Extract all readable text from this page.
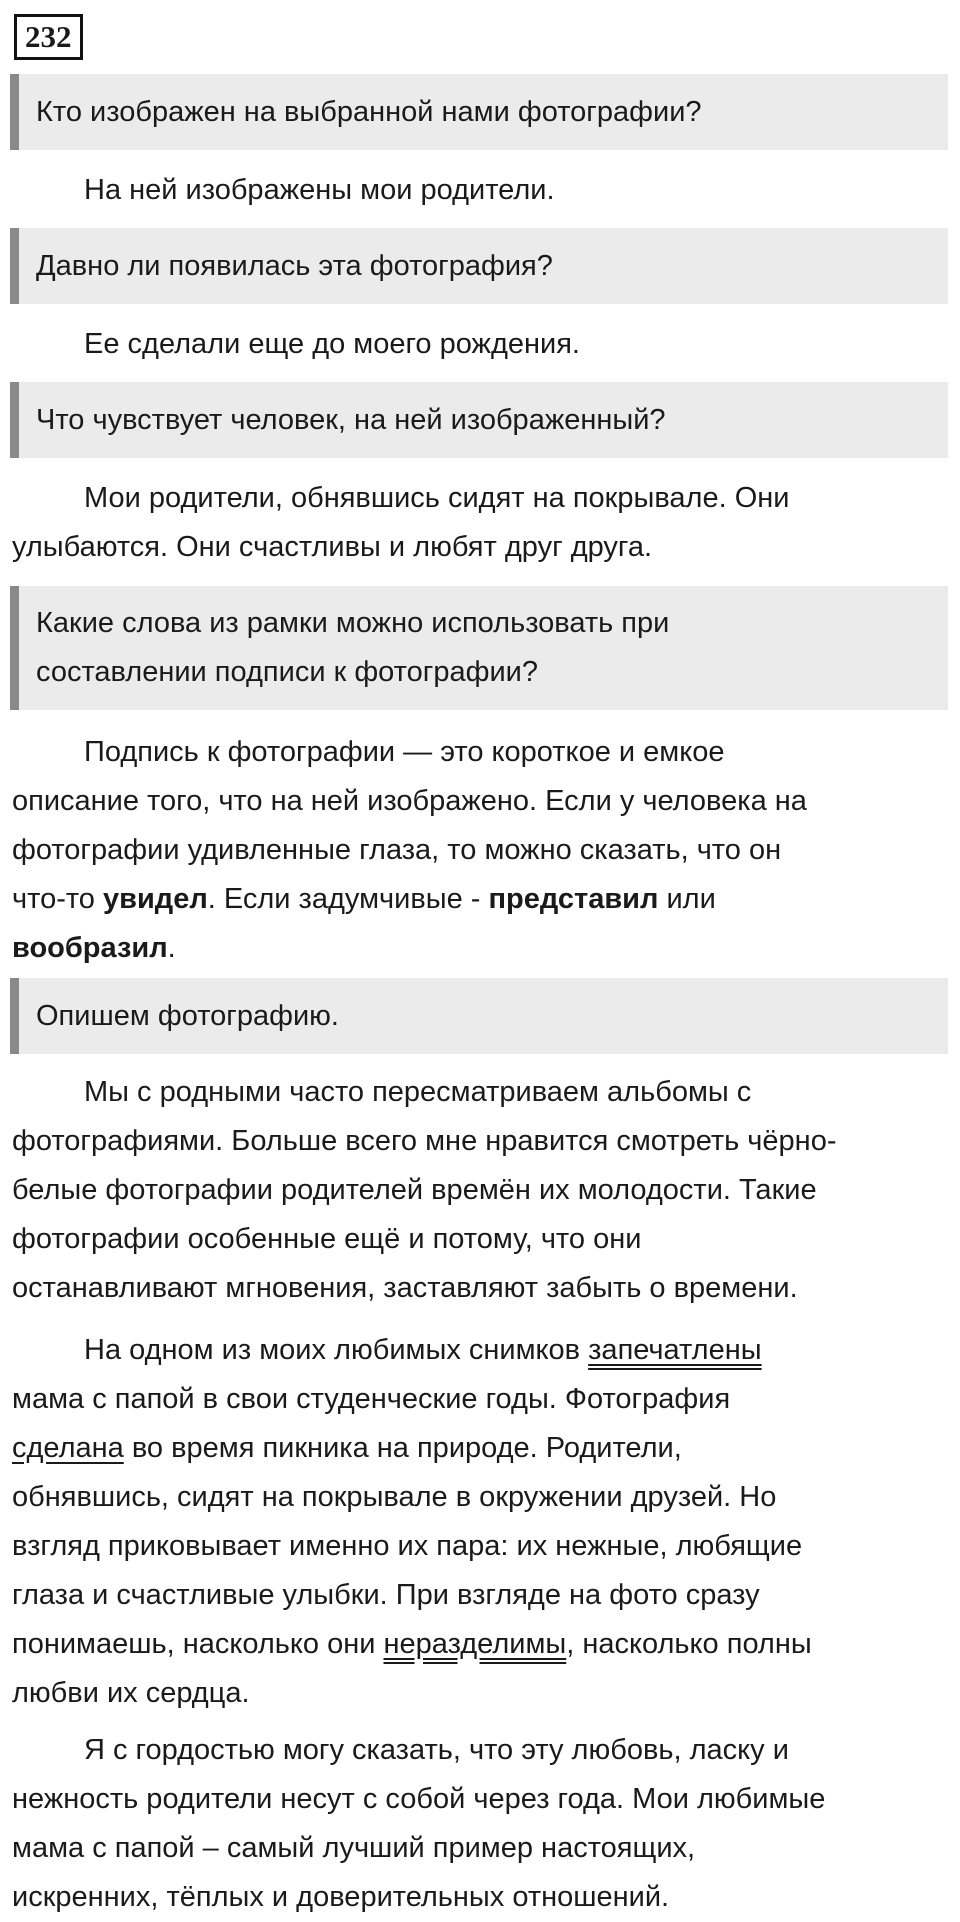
232
Кто изображен на выбранной нами фотографии?
На ней изображены мои родители.
Давно ли появилась эта фотография?
Ее сделали еще до моего рождения.
Что чувствует человек, на ней изображенный?
Мои родители, обнявшись сидят на покрывале. Они
улыбаются. Они счастливы и любят друг друга.
Какие слова из рамки можно использовать при
составлении подписи к фотографии?
Подпись к фотографии — это короткое и емкое
описание того, что на ней изображено. Если у человека на
фотографии удивленные глаза, то можно сказать, что он
что-то увидел. Если задумчивые - представил или
вообразил.
Опишем фотографию.
Мы с родными часто пересматриваем альбомы с
фотографиями. Больше всего мне нравится смотреть чёрно-
белые фотографии родителей времён их молодости. Такие
фотографии особенные ещё и потому, что они
останавливают мгновения, заставляют забыть о времени.
На одном из моих любимых снимков запечатлены
мама с папой в свои студенческие годы. Фотография
сделана во время пикника на природе. Родители,
обнявшись, сидят на покрывале в окружении друзей. Но
взгляд приковывает именно их пара: их нежные, любящие
глаза и счастливые улыбки. При взгляде на фото сразу
понимаешь, насколько они неразделимы, насколько полны
любви их сердца.
Я с гордостью могу сказать, что эту любовь, ласку и
нежность родители несут с собой через года. Мои любимые
мама с папой – самый лучший пример настоящих,
искренних, тёплых и доверительных отношений.
